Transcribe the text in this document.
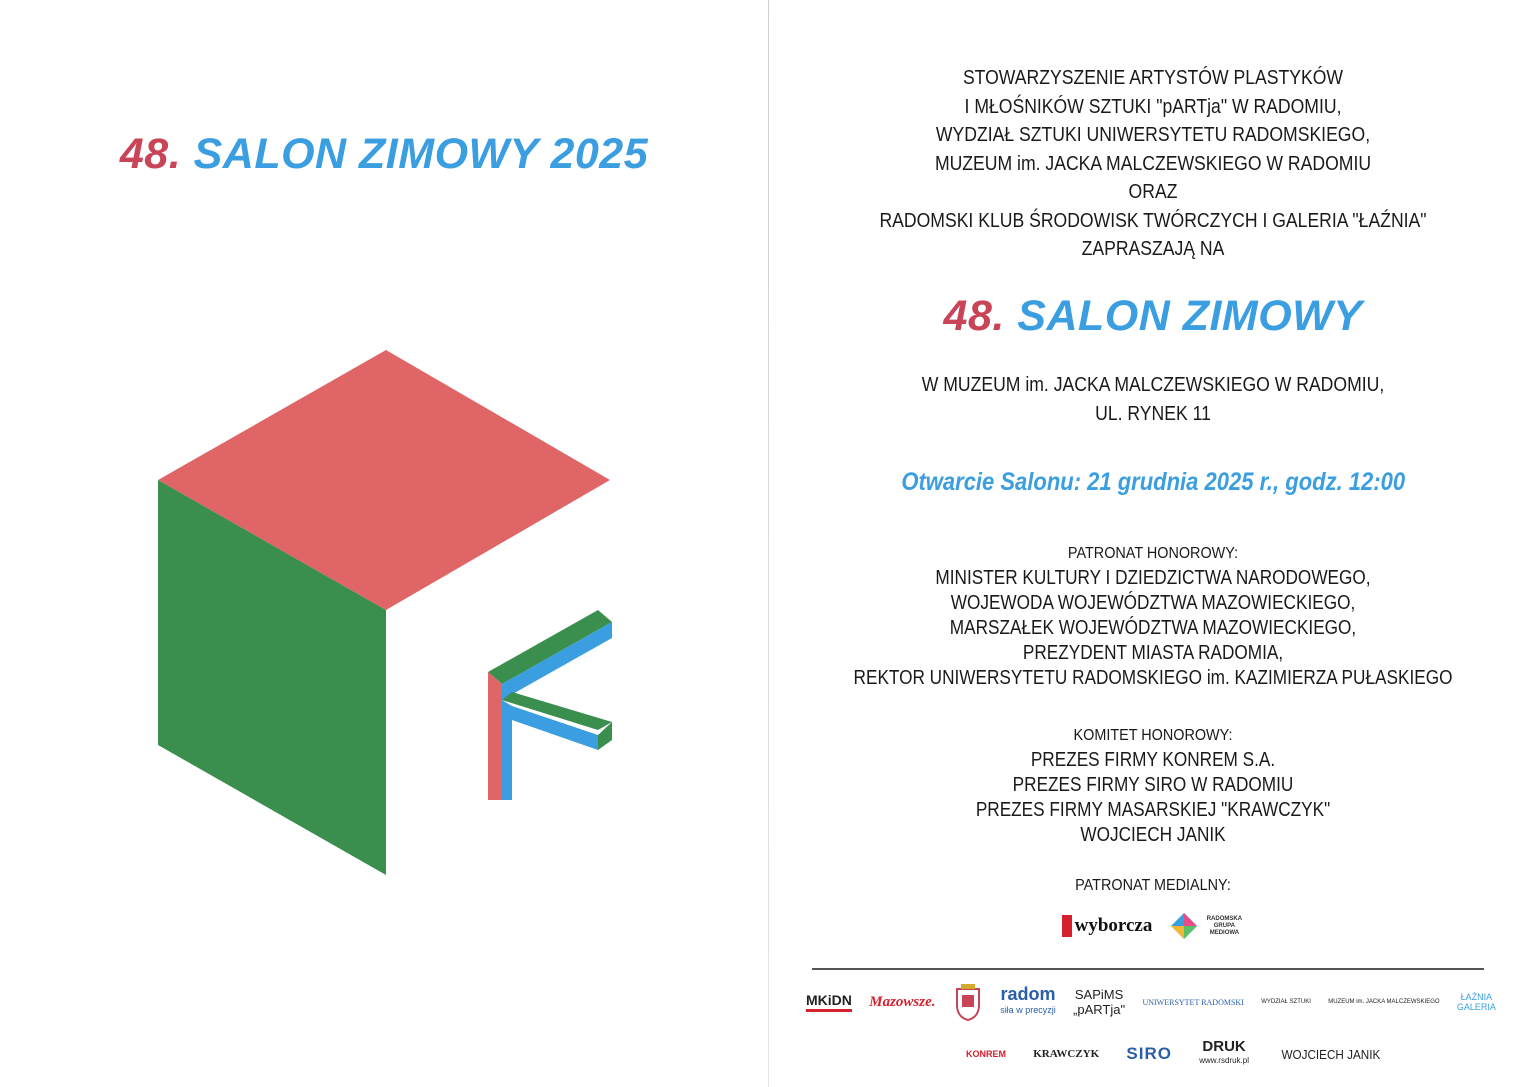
48. SALON ZIMOWY 2025
STOWARZYSZENIE ARTYSTÓW PLASTYKÓW
I MŁOŚNIKÓW SZTUKI "pARTja" W RADOMIU,
WYDZIAŁ SZTUKI UNIWERSYTETU RADOMSKIEGO,
MUZEUM im. JACKA MALCZEWSKIEGO W RADOMIU
ORAZ
RADOMSKI KLUB ŚRODOWISK TWÓRCZYCH I GALERIA "ŁAŹNIA"
ZAPRASZAJĄ NA
48. SALON ZIMOWY
W MUZEUM im. JACKA MALCZEWSKIEGO W RADOMIU,
UL. RYNEK 11
Otwarcie Salonu: 21 grudnia 2025 r., godz. 12:00
PATRONAT HONOROWY:
MINISTER KULTURY I DZIEDZICTWA NARODOWEGO,
WOJEWODA WOJEWÓDZTWA MAZOWIECKIEGO,
MARSZAŁEK WOJEWÓDZTWA MAZOWIECKIEGO,
PREZYDENT MIASTA RADOMIA,
REKTOR UNIWERSYTETU RADOMSKIEGO im. KAZIMIERZA PUŁASKIEGO
KOMITET HONOROWY:
PREZES FIRMY KONREM S.A.
PREZES FIRMY SIRO W RADOMIU
PREZES FIRMY MASARSKIEJ "KRAWCZYK"
WOJCIECH JANIK
PATRONAT MEDIALNY:
wyborcza	RADOMSKA GRUPA MEDIOWA
MKiDN Mazowsze.	radom
siła w precyzji
SAPiMS
„pARTja" UNIWERSYTET RADOMSKI	WYDZIAŁ SZTUKI	MUZEUM im. JACKA MALCZEWSKIEGO	ŁAŹNIA
GALERIA
KONREM KRAWCZYK SIRO DRUK
www.rsdruk.pl	WOJCIECH JANIK
